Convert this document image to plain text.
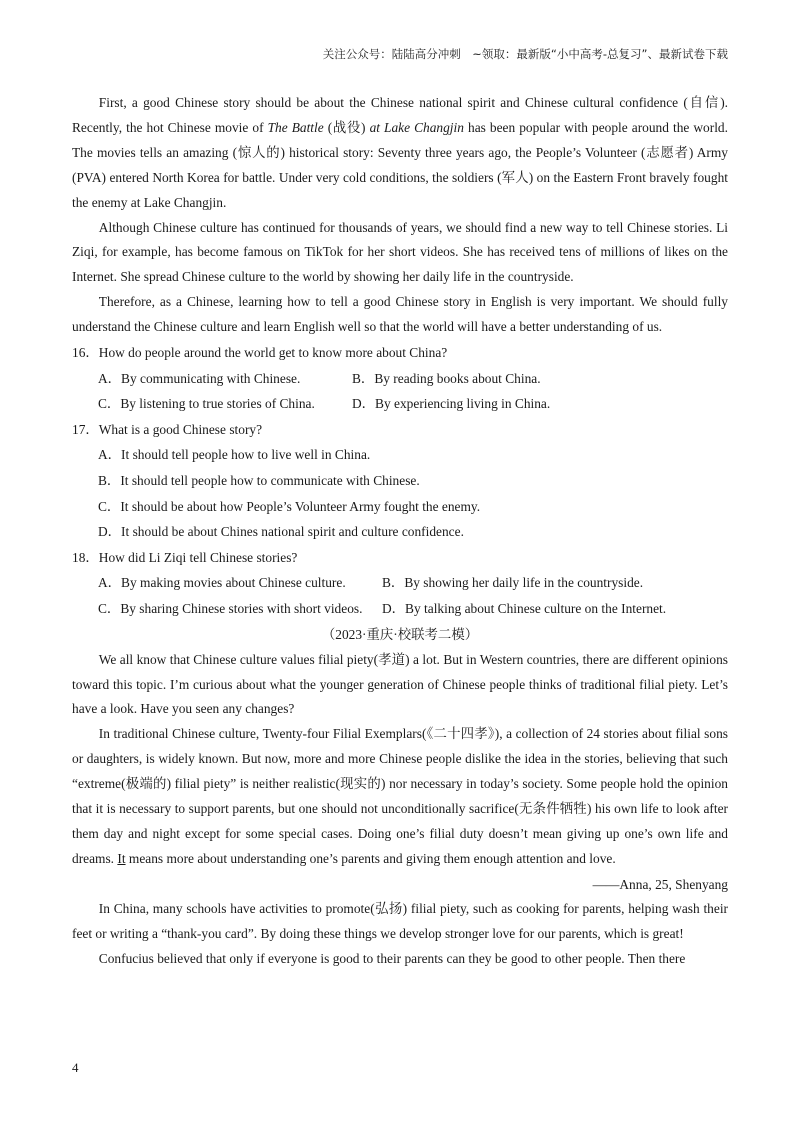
关注公众号：陆陆高分冲刺　~领取：最新版“小中高考-总复习”、最新试卷下载

First, a good Chinese story should be about the Chinese national spirit and Chinese cultural confidence (自信). Recently, the hot Chinese movie of The Battle (战役) at Lake Changjin has been popular with people around the world. The movies tells an amazing (惊人的) historical story: Seventy three years ago, the People’s Volunteer (志愿者) Army (PVA) entered North Korea for battle. Under very cold conditions, the soldiers (军人) on the Eastern Front bravely fought the enemy at Lake Changjin.

Although Chinese culture has continued for thousands of years, we should find a new way to tell Chinese stories. Li Ziqi, for example, has become famous on TikTok for her short videos. She has received tens of millions of likes on the Internet. She spread Chinese culture to the world by showing her daily life in the countryside.

Therefore, as a Chinese, learning how to tell a good Chinese story in English is very important. We should fully understand the Chinese culture and learn English well so that the world will have a better understanding of us.

16．How do people around the world get to know more about China?

A．By communicating with Chinese.	B．By reading books about China.

C．By listening to true stories of China.	D．By experiencing living in China.

17．What is a good Chinese story?

A．It should tell people how to live well in China.

B．It should tell people how to communicate with Chinese.

C．It should be about how People’s Volunteer Army fought the enemy.

D．It should be about Chines national spirit and culture confidence.

18．How did Li Ziqi tell Chinese stories?

A．By making movies about Chinese culture.	B．By showing her daily life in the countryside.

C．By sharing Chinese stories with short videos. D．By talking about Chinese culture on the Internet.

（2023·重庆·校联考二模）

We all know that Chinese culture values filial piety(孝道) a lot. But in Western countries, there are different opinions toward this topic. I’m curious about what the younger generation of Chinese people thinks of traditional filial piety. Let’s have a look. Have you seen any changes?

In traditional Chinese culture, Twenty-four Filial Exemplars(《二十四孝》), a collection of 24 stories about filial sons or daughters, is widely known. But now, more and more Chinese people dislike the idea in the stories, believing that such “extreme(极端的) filial piety” is neither realistic(现实的) nor necessary in today’s society. Some people hold the opinion that it is necessary to support parents, but one should not unconditionally sacrifice(无条件牺牲) his own life to look after them day and night except for some special cases. Doing one’s filial duty doesn’t mean giving up one’s own life and dreams. It means more about understanding one’s parents and giving them enough attention and love.

——Anna, 25, Shenyang

In China, many schools have activities to promote(弘扬) filial piety, such as cooking for parents, helping wash their feet or writing a “thank-you card”. By doing these things we develop stronger love for our parents, which is great!

Confucius believed that only if everyone is good to their parents can they be good to other people. Then there

4
